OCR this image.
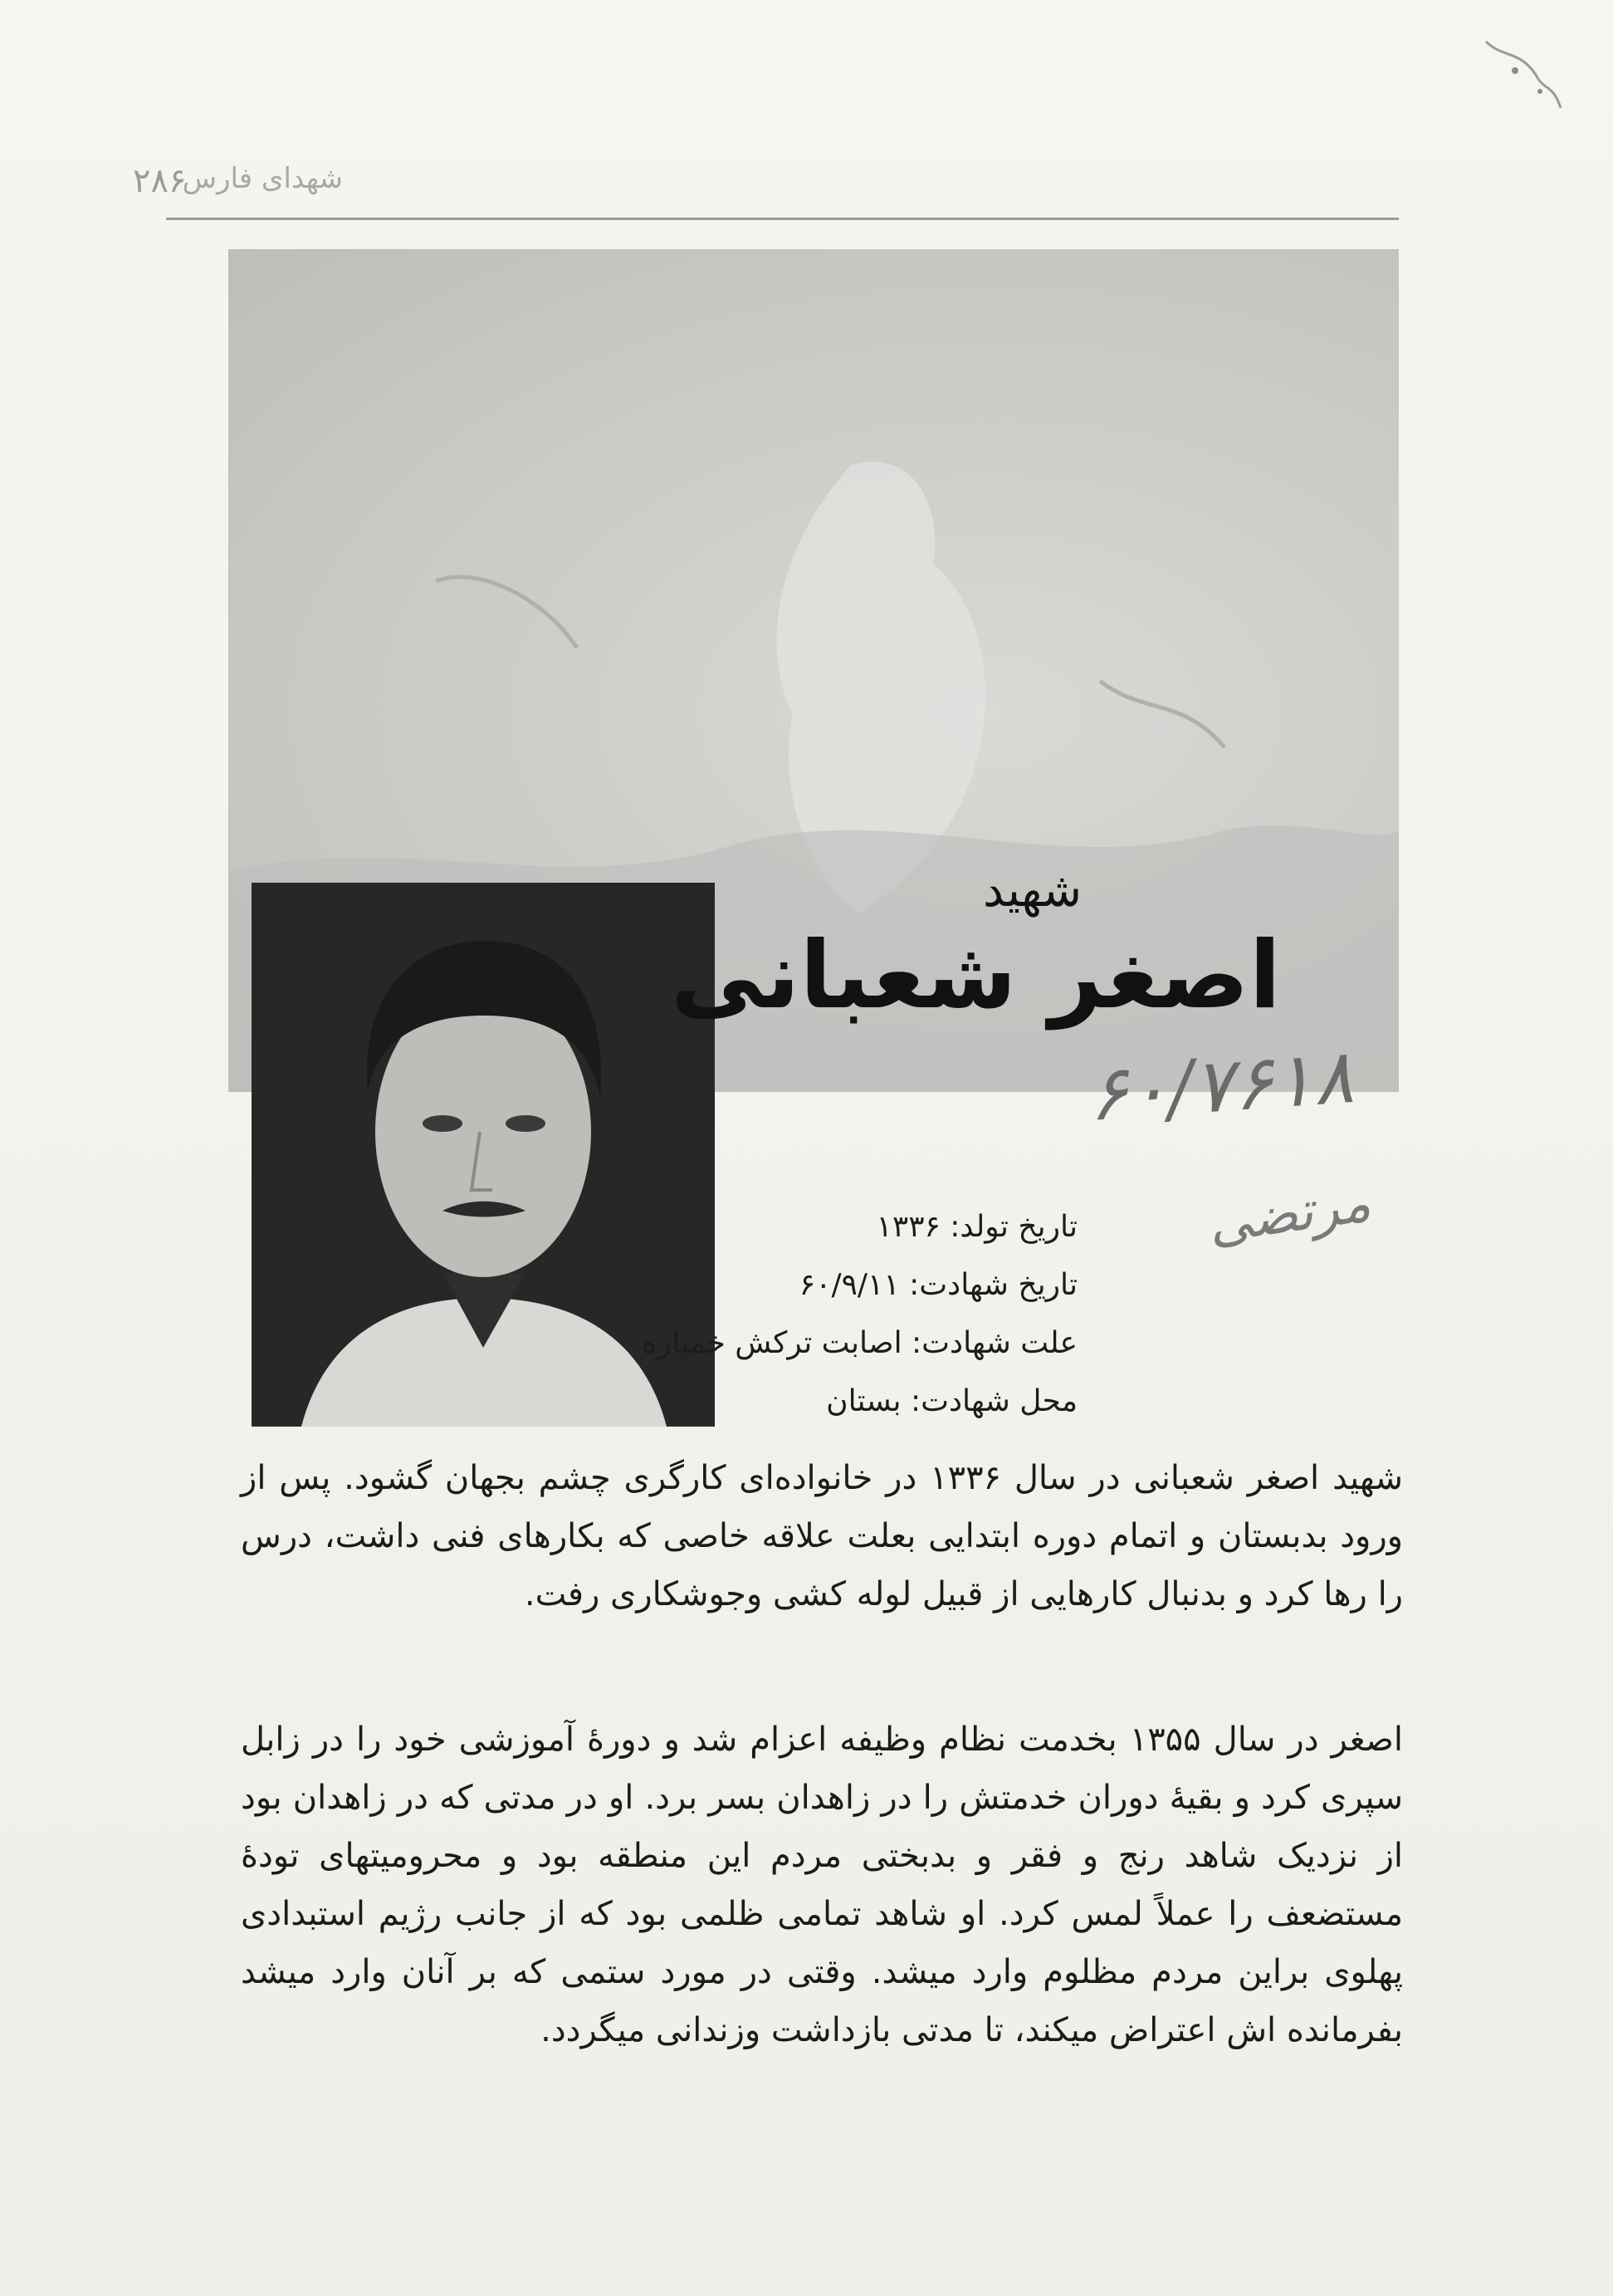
۲۸۶
شهدای فارس
شهید
اصغر شعبانی
۶۰/۷۶۱۸
مرتضی
تاریخ تولد: ۱۳۳۶
تاریخ شهادت: ۶۰/۹/۱۱
علت شهادت: اصابت ترکش خمپاره
محل شهادت: بستان
شهید اصغر شعبانی در سال ۱۳۳۶ در خانواده‌ای کارگری چشم بجهان گشود. پس از ورود بدبستان و اتمام دوره ابتدایی بعلت علاقه خاصی که بکارهای فنی داشت، درس را رها کرد و بدنبال کارهایی از قبیل لوله کشی وجوشکاری رفت.
اصغر در سال ۱۳۵۵ بخدمت نظام وظیفه اعزام شد و دورهٔ آموزشی خود را در زابل سپری کرد و بقیهٔ دوران خدمتش را در زاهدان بسر برد. او در مدتی که در زاهدان بود از نزدیک شاهد رنج و فقر و بدبختی مردم این منطقه بود و محرومیتهای تودهٔ مستضعف را عملاً لمس کرد. او شاهد تمامی ظلمی بود که از جانب رژیم استبدادی پهلوی براین مردم مظلوم وارد میشد. وقتی در مورد ستمی که بر آنان وارد میشد بفرمانده اش اعتراض میکند، تا مدتی بازداشت وزندانی میگردد.
